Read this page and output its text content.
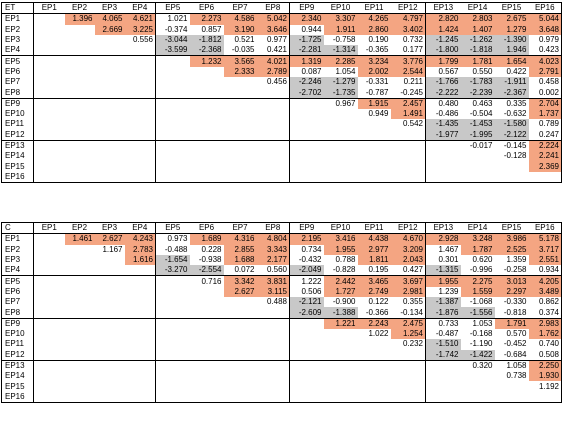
ET	EP1	EP2	EP3	EP4	EP5	EP6	EP7	EP8	EP9	EP10	EP11	EP12	EP13	EP14	EP15	EP16
EP1		1.396	4.065	4.621	1.021	2.273	4.586	5.042	2.340	3.307	4.265	4.797	2.820	2.803	2.675	5.044
EP2			2.669	3.225	-0.374	0.857	3.190	3.646	0.944	1.911	2.860	3.402	1.424	1.407	1.279	3.648
EP3				0.556	-3.044	-1.812	0.521	0.977	-1.725	-0.758	0.190	0.732	-1.245	-1.262	-1.390	0.979
EP4					-3.599	-2.368	-0.035	0.421	-2.281	-1.314	-0.365	0.177	-1.800	-1.818	1.946	0.423
EP5						1.232	3.565	4.021	1.319	2.285	3.234	3.776	1.799	1.781	1.654	4.023
EP6							2.333	2.789	0.087	1.054	2.002	2.544	0.567	0.550	0.422	2.791
EP7								0.456	-2.246	-1.279	-0.331	0.211	-1.766	-1.783	-1.911	0.458
EP8									-2.702	-1.735	-0.787	-0.245	-2.222	-2.239	-2.367	0.002
EP9										0.967	1.915	2.457	0.480	0.463	0.335	2.704
EP10											0.949	1.491	-0.486	-0.504	-0.632	1.737
EP11												0.542	-1.435	-1.453	-1.580	0.789
EP12													-1.977	-1.995	-2.122	0.247
EP13														-0.017	-0.145	2.224
EP14															-0.128	2.241
EP15																2.369
EP16																
C	EP1	EP2	EP3	EP4	EP5	EP6	EP7	EP8	EP9	EP10	EP11	EP12	EP13	EP14	EP15	EP16
EP1		1.461	2.627	4.243	0.973	1.689	4.316	4.804	2.195	3.416	4.438	4.670	2.928	3.248	3.986	5.178
EP2			1.167	2.783	-0.488	0.228	2.855	3.343	0.734	1.955	2.977	3.209	1.467	1.787	2.525	3.717
EP3				1.616	-1.654	-0.938	1.688	2.177	-0.432	0.788	1.811	2.043	0.301	0.620	1.359	2.551
EP4					-3.270	-2.554	0.072	0.560	-2.049	-0.828	0.195	0.427	-1.315	-0.996	-0.258	0.934
EP5						0.716	3.342	3.831	1.222	2.442	3.465	3.697	1.955	2.275	3.013	4.205
EP6							2.627	3.115	0.506	1.727	2.749	2.981	1.239	1.559	2.297	3.489
EP7								0.488	-2.121	-0.900	0.122	0.355	-1.387	-1.068	-0.330	0.862
EP8									-2.609	-1.388	-0.366	-0.134	-1.876	-1.556	-0.818	0.374
EP9										1.221	2.243	2.475	0.733	1.053	1.791	2.983
EP10											1.022	1.254	-0.487	-0.168	0.570	1.762
EP11												0.232	-1.510	-1.190	-0.452	0.740
EP12													-1.742	-1.422	-0.684	0.508
EP13														0.320	1.058	2.250
EP14															0.738	1.930
EP15																1.192
EP16																
